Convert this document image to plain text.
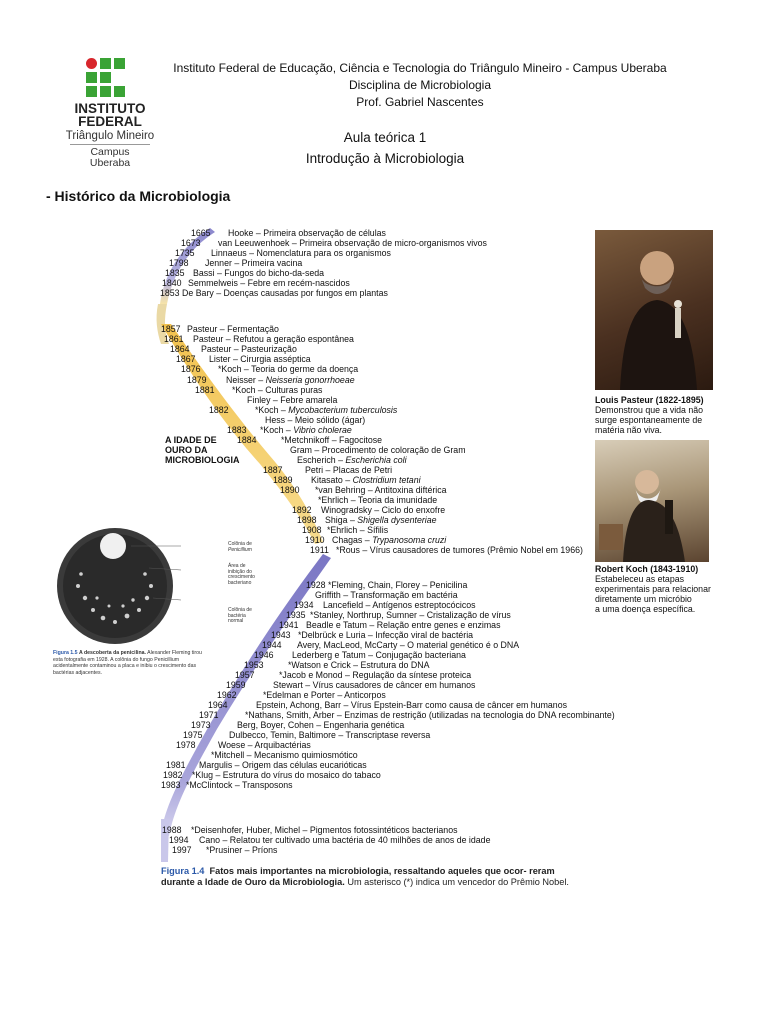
INSTITUTO
FEDERAL
Triângulo Mineiro
Campus
Uberaba
Instituto Federal de Educação, Ciência e Tecnologia do Triângulo Mineiro - Campus Uberaba
Disciplina de Microbiologia
Prof. Gabriel Nascentes
Aula teórica 1
Introdução à Microbiologia
- Histórico da Microbiologia
A IDADE DE
OURO DA
MICROBIOLOGIA
1665 Hooke – Primeira observação de células
1673 van Leeuwenhoek – Primeira observação de micro-organismos vivos
1735 Linnaeus – Nomenclatura para os organismos
1798 Jenner – Primeira vacina
1835 Bassi – Fungos do bicho-da-seda
1840 Semmelweis – Febre em recém-nascidos
1853 De Bary – Doenças causadas por fungos em plantas
1857 Pasteur – Fermentação
1861 Pasteur – Refutou a geração espontânea
1864 Pasteur – Pasteurização
1867 Lister – Cirurgia asséptica
1876 *Koch – Teoria do germe da doença
1879 Neisser – Neisseria gonorrhoeae
1881 *Koch – Culturas puras
Finley – Febre amarela
1882	*Koch – Mycobacterium tuberculosis
Hess – Meio sólido (ágar)
1883 *Koch – Vibrio cholerae
1884	*Metchnikoff – Fagocitose
Gram – Procedimento de coloração de Gram
Escherich – Escherichia coli
1887	Petri – Placas de Petri
1889 Kitasato – Clostridium tetani
1890 *van Behring – Antitoxina diftérica
*Ehrlich – Teoria da imunidade
1892 Winogradsky – Ciclo do enxofre
1898 Shiga – Shigella dysenteriae
1908 *Ehrlich – Sífilis
1910 Chagas – Trypanosoma cruzi
1911 *Rous – Vírus causadores de tumores (Prêmio Nobel em 1966)
1928 *Fleming, Chain, Florey – Penicilina
Griffith – Transformação em bactéria
1934 Lancefield – Antígenos estreptocócicos
1935 *Stanley, Northrup, Sumner – Cristalização de vírus
1941 Beadle e Tatum – Relação entre genes e enzimas
1943 *Delbrück e Luria – Infecção viral de bactéria
1944 Avery, MacLeod, McCarty – O material genético é o DNA
1946 Lederberg e Tatum – Conjugação bacteriana
1953	*Watson e Crick – Estrutura do DNA
1957	*Jacob e Monod – Regulação da síntese proteica
1959	Stewart – Vírus causadores de câncer em humanos
1962	*Edelman e Porter – Anticorpos
1964	Epstein, Achong, Barr – Vírus Epstein-Barr como causa de câncer em humanos
1971	*Nathans, Smith, Arber – Enzimas de restrição (utilizadas na tecnologia do DNA recombinante)
1973	Berg, Boyer, Cohen – Engenharia genética
1975	Dulbecco, Temin, Baltimore – Transcriptase reversa
1978	Woese – Arquibactérias
*Mitchell – Mecanismo quimiosmótico
1981 Margulis – Origem das células eucarióticas
1982 *Klug – Estrutura do vírus do mosaico do tabaco
1983 *McClintock – Transposons
1988 *Deisenhofer, Huber, Michel – Pigmentos fotossintéticos bacterianos
1994 Cano – Relatou ter cultivado uma bactéria de 40 milhões de anos de idade
1997 *Prusiner – Príons
Louis Pasteur (1822-1895)
Demonstrou que a vida não
surge espontaneamente de
matéria não viva.
Robert Koch (1843-1910)
Estabeleceu as etapas
experimentais para relacionar
diretamente um micróbio
a uma doença específica.
Colônia de
Penicillium
Área de
inibição do
crescimento
bacteriano
Colônia de
bactéria
normal
Figura 1.5 A descoberta da penicilina. Alexander Fleming tirou esta fotografia em 1928. A colônia do fungo Penicillium acidentalmente contaminou a placa e inibiu o crescimento das bactérias adjacentes.
Figura 1.4 Fatos mais importantes na microbiologia, ressaltando aqueles que ocor- reram durante a Idade de Ouro da Microbiologia. Um asterisco (*) indica um vencedor do Prêmio Nobel.
